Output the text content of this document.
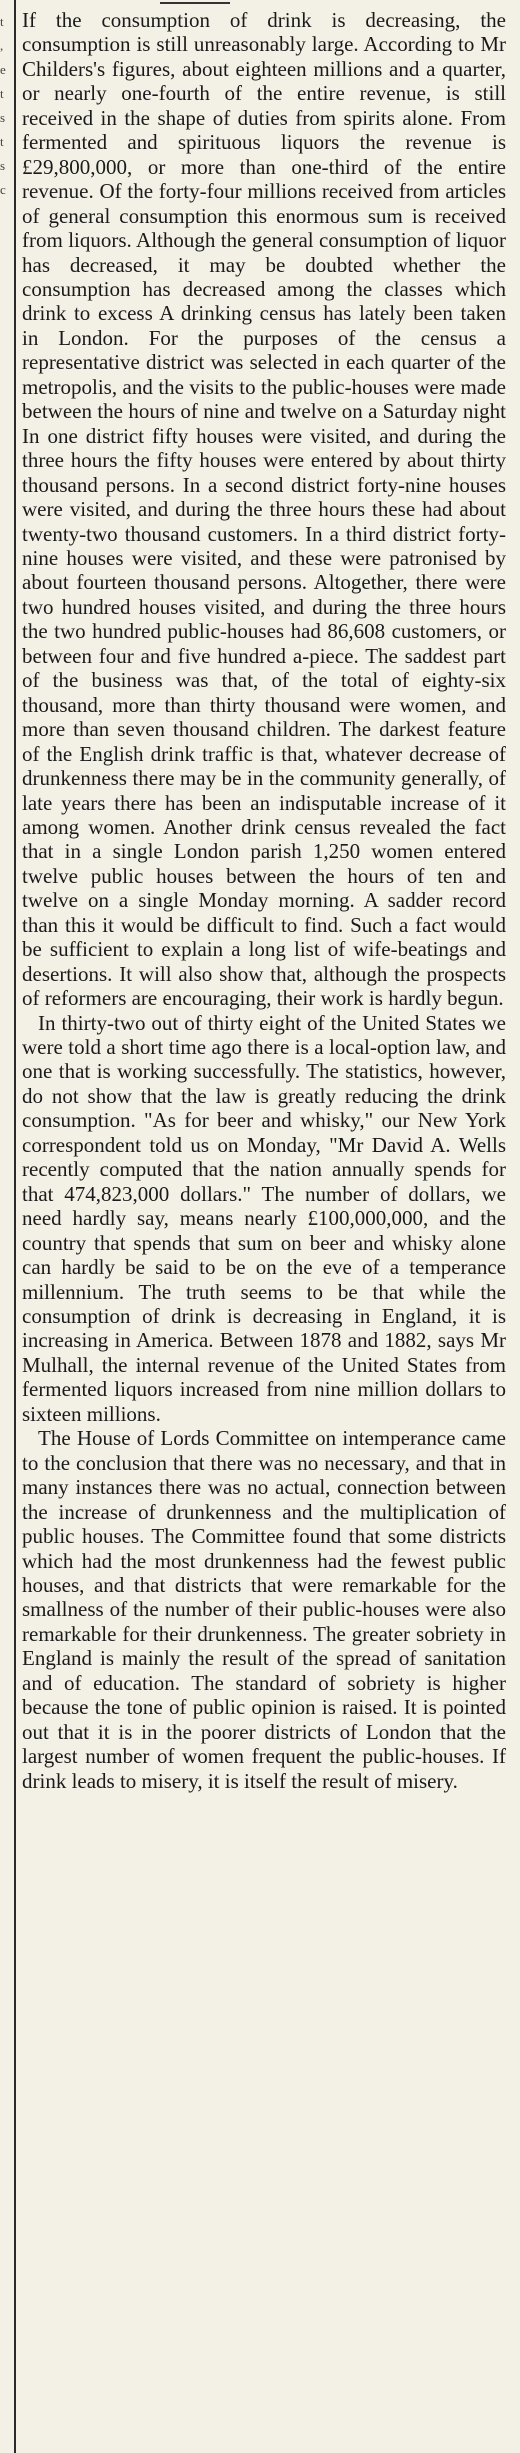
t
,
e
t
s
t
s
c

If the consumption of drink is decreasing, the consumption is still unreasonably large. According to Mr Childers's figures, about eighteen millions and a quarter, or nearly one-fourth of the entire revenue, is still received in the shape of duties from spirits alone. From fermented and spirituous liquors the revenue is £29,800,000, or more than one-third of the entire revenue. Of the forty-four millions received from articles of general consumption this enormous sum is received from liquors. Although the general consumption of liquor has decreased, it may be doubted whether the consumption has decreased among the classes which drink to excess A drinking census has lately been taken in London. For the purposes of the census a representative district was selected in each quarter of the metropolis, and the visits to the public-houses were made between the hours of nine and twelve on a Saturday night In one district fifty houses were visited, and during the three hours the fifty houses were entered by about thirty thousand persons. In a second district forty-nine houses were visited, and during the three hours these had about twenty-two thousand customers. In a third district forty-nine houses were visited, and these were patronised by about fourteen thousand persons. Altogether, there were two hundred houses visited, and during the three hours the two hundred public-houses had 86,608 customers, or between four and five hundred a-piece. The saddest part of the business was that, of the total of eighty-six thousand, more than thirty thousand were women, and more than seven thousand children. The darkest feature of the English drink traffic is that, whatever decrease of drunkenness there may be in the community generally, of late years there has been an indisputable increase of it among women. Another drink census revealed the fact that in a single London parish 1,250 women entered twelve public houses between the hours of ten and twelve on a single Monday morning. A sadder record than this it would be difficult to find. Such a fact would be sufficient to explain a long list of wife-beatings and desertions. It will also show that, although the prospects of reformers are encouraging, their work is hardly begun.

In thirty-two out of thirty eight of the United States we were told a short time ago there is a local-option law, and one that is working successfully. The statistics, however, do not show that the law is greatly reducing the drink consumption. "As for beer and whisky," our New York correspondent told us on Monday, "Mr David A. Wells recently computed that the nation annually spends for that 474,823,000 dollars." The number of dollars, we need hardly say, means nearly £100,000,000, and the country that spends that sum on beer and whisky alone can hardly be said to be on the eve of a temperance millennium. The truth seems to be that while the consumption of drink is decreasing in England, it is increasing in America. Between 1878 and 1882, says Mr Mulhall, the internal revenue of the United States from fermented liquors increased from nine million dollars to sixteen millions.

The House of Lords Committee on intemperance came to the conclusion that there was no necessary, and that in many instances there was no actual, connection between the increase of drunkenness and the multiplication of public houses. The Committee found that some districts which had the most drunkenness had the fewest public houses, and that districts that were remarkable for the smallness of the number of their public-houses were also remarkable for their drunkenness. The greater sobriety in England is mainly the result of the spread of sanitation and of education. The standard of sobriety is higher because the tone of public opinion is raised. It is pointed out that it is in the poorer districts of London that the largest number of women frequent the public-houses. If drink leads to misery, it is itself the result of misery.
